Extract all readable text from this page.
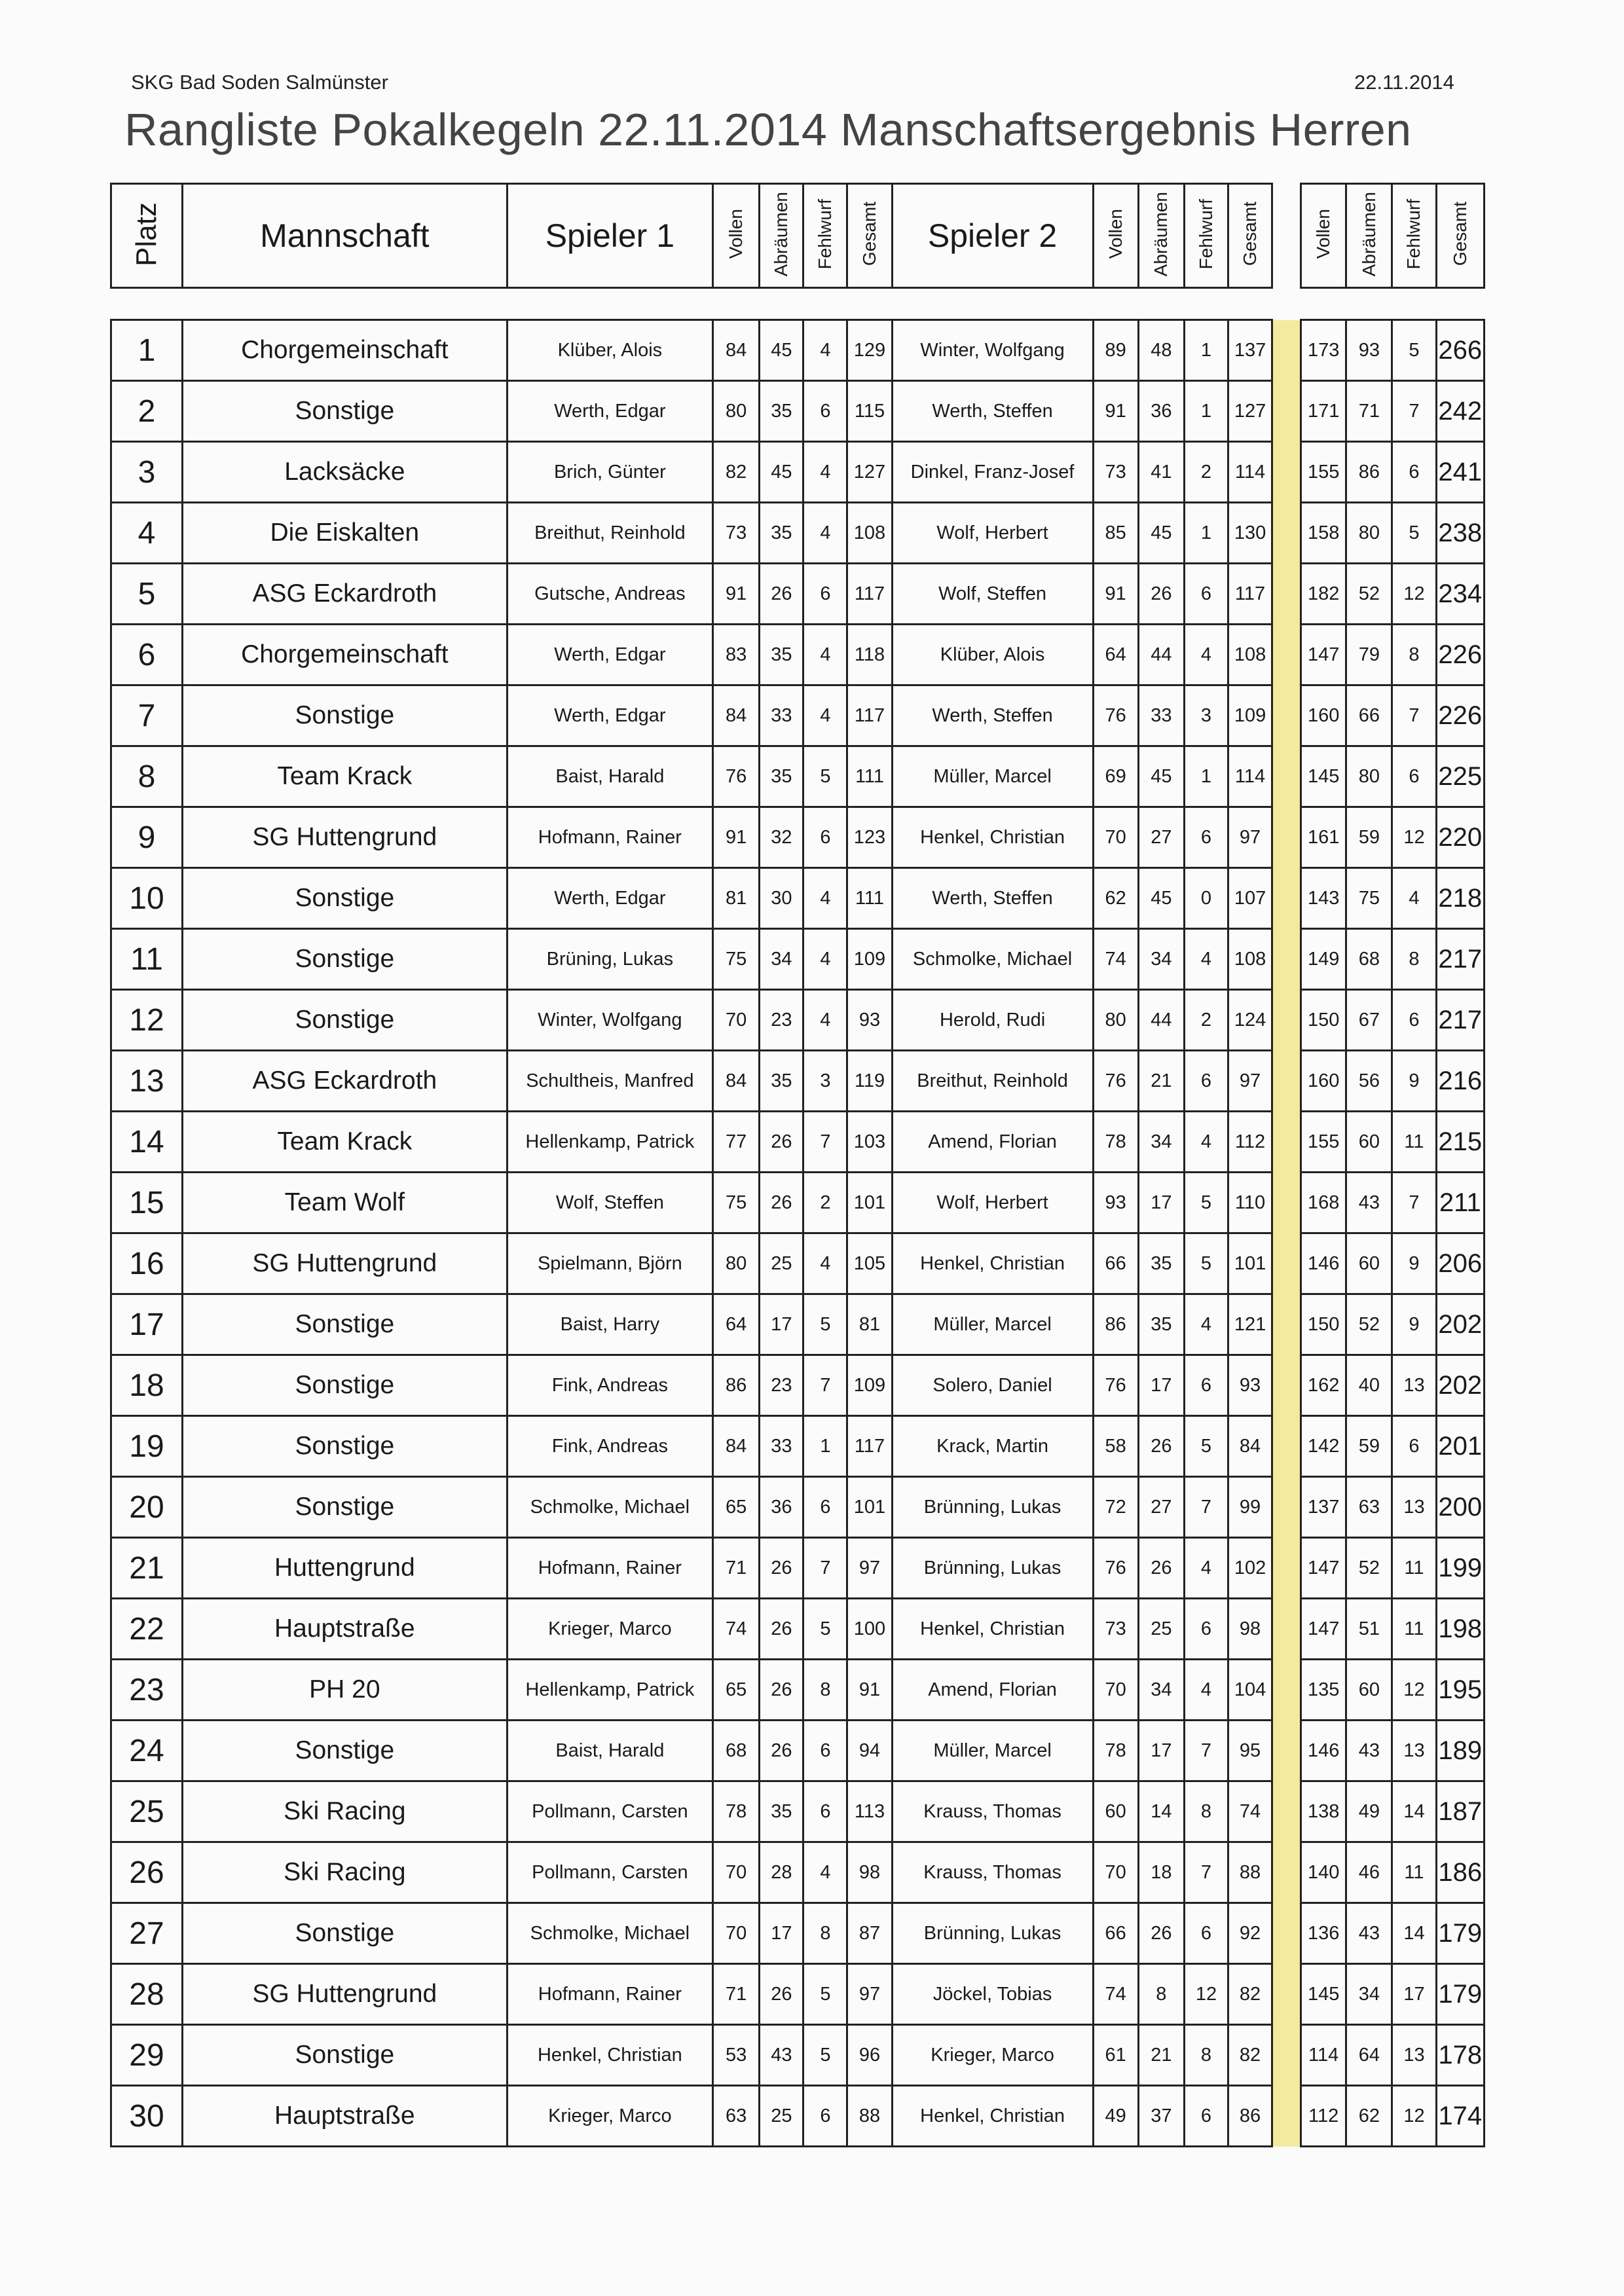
SKG Bad Soden Salmünster	22.11.2014
Rangliste Pokalkegeln 22.11.2014 Manschaftsergebnis Herren
Platz	Mannschaft	Spieler 1	Vollen	Abräumen	Fehlwurf	Gesamt	Spieler 2	Vollen	Abräumen	Fehlwurf	Gesamt		Vollen	Abräumen	Fehlwurf	Gesamt
1	Chorgemeinschaft	Klüber, Alois	84	45	4	129	Winter, Wolfgang	89	48	1	137		173	93	5	266
2	Sonstige	Werth, Edgar	80	35	6	115	Werth, Steffen	91	36	1	127		171	71	7	242
3	Lacksäcke	Brich, Günter	82	45	4	127	Dinkel, Franz-Josef	73	41	2	114		155	86	6	241
4	Die Eiskalten	Breithut, Reinhold	73	35	4	108	Wolf, Herbert	85	45	1	130		158	80	5	238
5	ASG Eckardroth	Gutsche, Andreas	91	26	6	117	Wolf, Steffen	91	26	6	117		182	52	12	234
6	Chorgemeinschaft	Werth, Edgar	83	35	4	118	Klüber, Alois	64	44	4	108		147	79	8	226
7	Sonstige	Werth, Edgar	84	33	4	117	Werth, Steffen	76	33	3	109		160	66	7	226
8	Team Krack	Baist, Harald	76	35	5	111	Müller, Marcel	69	45	1	114		145	80	6	225
9	SG Huttengrund	Hofmann, Rainer	91	32	6	123	Henkel, Christian	70	27	6	97		161	59	12	220
10	Sonstige	Werth, Edgar	81	30	4	111	Werth, Steffen	62	45	0	107		143	75	4	218
11	Sonstige	Brüning, Lukas	75	34	4	109	Schmolke, Michael	74	34	4	108		149	68	8	217
12	Sonstige	Winter, Wolfgang	70	23	4	93	Herold, Rudi	80	44	2	124		150	67	6	217
13	ASG Eckardroth	Schultheis, Manfred	84	35	3	119	Breithut, Reinhold	76	21	6	97		160	56	9	216
14	Team Krack	Hellenkamp, Patrick	77	26	7	103	Amend, Florian	78	34	4	112		155	60	11	215
15	Team Wolf	Wolf, Steffen	75	26	2	101	Wolf, Herbert	93	17	5	110		168	43	7	211
16	SG Huttengrund	Spielmann, Björn	80	25	4	105	Henkel, Christian	66	35	5	101		146	60	9	206
17	Sonstige	Baist, Harry	64	17	5	81	Müller, Marcel	86	35	4	121		150	52	9	202
18	Sonstige	Fink, Andreas	86	23	7	109	Solero, Daniel	76	17	6	93		162	40	13	202
19	Sonstige	Fink, Andreas	84	33	1	117	Krack, Martin	58	26	5	84		142	59	6	201
20	Sonstige	Schmolke, Michael	65	36	6	101	Brünning, Lukas	72	27	7	99		137	63	13	200
21	Huttengrund	Hofmann, Rainer	71	26	7	97	Brünning, Lukas	76	26	4	102		147	52	11	199
22	Hauptstraße	Krieger, Marco	74	26	5	100	Henkel, Christian	73	25	6	98		147	51	11	198
23	PH 20	Hellenkamp, Patrick	65	26	8	91	Amend, Florian	70	34	4	104		135	60	12	195
24	Sonstige	Baist, Harald	68	26	6	94	Müller, Marcel	78	17	7	95		146	43	13	189
25	Ski Racing	Pollmann, Carsten	78	35	6	113	Krauss, Thomas	60	14	8	74		138	49	14	187
26	Ski Racing	Pollmann, Carsten	70	28	4	98	Krauss, Thomas	70	18	7	88		140	46	11	186
27	Sonstige	Schmolke, Michael	70	17	8	87	Brünning, Lukas	66	26	6	92		136	43	14	179
28	SG Huttengrund	Hofmann, Rainer	71	26	5	97	Jöckel, Tobias	74	8	12	82		145	34	17	179
29	Sonstige	Henkel, Christian	53	43	5	96	Krieger, Marco	61	21	8	82		114	64	13	178
30	Hauptstraße	Krieger, Marco	63	25	6	88	Henkel, Christian	49	37	6	86		112	62	12	174
